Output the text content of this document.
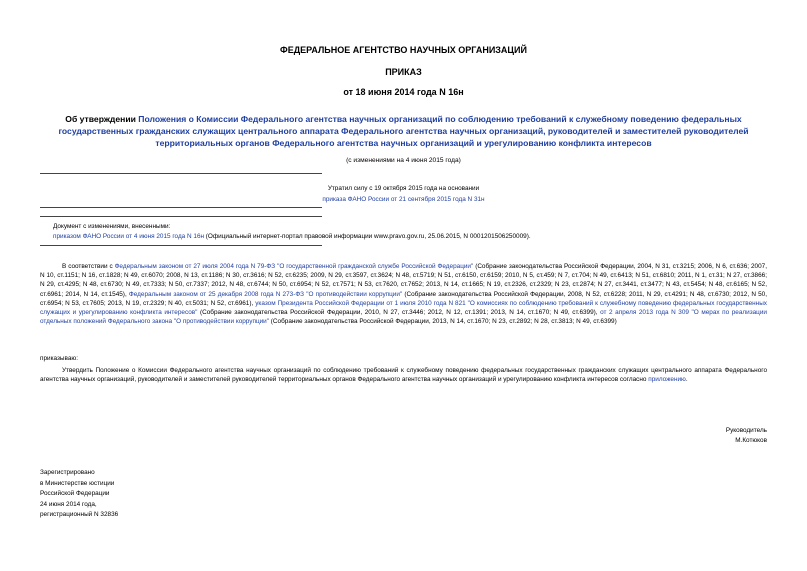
ФЕДЕРАЛЬНОЕ АГЕНТСТВО НАУЧНЫХ ОРГАНИЗАЦИЙ
ПРИКАЗ
от 18 июня 2014 года N 16н
Об утверждении Положения о Комиссии Федерального агентства научных организаций по соблюдению требований к служебному поведению федеральных государственных гражданских служащих центрального аппарата Федерального агентства научных организаций, руководителей и заместителей руководителей территориальных органов Федерального агентства научных организаций и урегулированию конфликта интересов
(с изменениями на 4 июня 2015 года)
Утратил силу с 19 октября 2015 года на основании
приказа ФАНО России от 21 сентября 2015 года N 31н
Документ с изменениями, внесенными:
приказом ФАНО России от 4 июня 2015 года N 16н (Официальный интернет-портал правовой информации www.pravo.gov.ru, 25.06.2015, N 0001201506250009).
В соответствии с Федеральным законом от 27 июля 2004 года N 79-ФЗ "О государственной гражданской службе Российской Федерации" (Собрание законодательства Российской Федерации, 2004, N 31, ст.3215; 2006, N 6, ст.636; 2007, N 10, ст.1151; N 16, ст.1828; N 49, ст.6070; 2008, N 13, ст.1186; N 30, ст.3616; N 52, ст.6235; 2009, N 29, ст.3597, ст.3624; N 48, ст.5719; N 51, ст.6150, ст.6159; 2010, N 5, ст.459; N 7, ст.704; N 49, ст.6413; N 51, ст.6810; 2011, N 1, ст.31; N 27, ст.3866; N 29, ст.4295; N 48, ст.6730; N 49, ст.7333; N 50, ст.7337; 2012, N 48, ст.6744; N 50, ст.6954; N 52, ст.7571; N 53, ст.7620, ст.7652; 2013, N 14, ст.1665; N 19, ст.2326, ст.2329; N 23, ст.2874; N 27, ст.3441, ст.3477; N 43, ст.5454; N 48, ст.6165; N 52, ст.6961; 2014, N 14, ст.1545), Федеральным законом от 25 декабря 2008 года N 273-ФЗ "О противодействии коррупции" (Собрание законодательства Российской Федерации, 2008, N 52, ст.6228; 2011, N 29, ст.4291; N 48, ст.6730; 2012, N 50, ст.6954; N 53, ст.7605; 2013, N 19, ст.2329; N 40, ст.5031; N 52, ст.6961), указом Президента Российской Федерации от 1 июля 2010 года N 821 "О комиссиях по соблюдению требований к служебному поведению федеральных государственных служащих и урегулированию конфликта интересов" (Собрание законодательства Российской Федерации, 2010, N 27, ст.3446; 2012, N 12, ст.1391; 2013, N 14, ст.1670; N 49, ст.6399), от 2 апреля 2013 года N 309 "О мерах по реализации отдельных положений Федерального закона "О противодействии коррупции" (Собрание законодательства Российской Федерации, 2013, N 14, ст.1670; N 23, ст.2892; N 28, ст.3813; N 49, ст.6399)
приказываю:
Утвердить Положение о Комиссии Федерального агентства научных организаций по соблюдению требований к служебному поведению федеральных государственных гражданских служащих центрального аппарата Федерального агентства научных организаций, руководителей и заместителей руководителей территориальных органов Федерального агентства научных организаций и урегулированию конфликта интересов согласно приложению.
Руководитель
М.Котюков
Зарегистрировано
в Министерстве юстиции
Российской Федерации
24 июня 2014 года,
регистрационный N 32836
